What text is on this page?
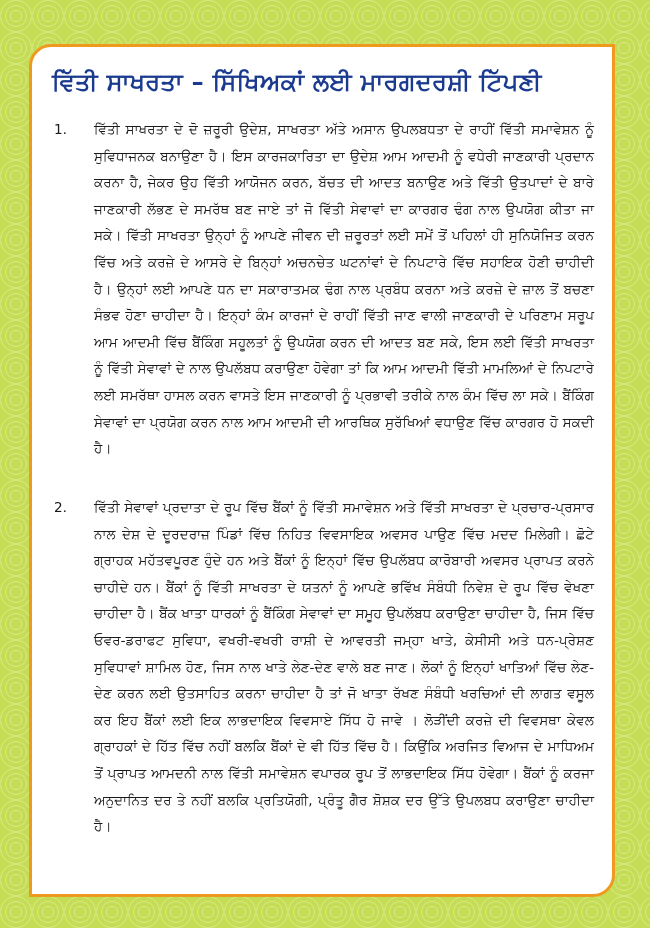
ਵਿੱਤੀ ਸਾਖਰਤਾ – ਸਿੱਖਿਅਕਾਂ ਲਈ ਮਾਰਗਦਰਸ਼ੀ ਟਿੱਪਣੀ
1.	ਵਿੱਤੀ ਸਾਖਰਤਾ ਦੇ ਦੋ ਜ਼ਰੂਰੀ ਉਦੇਸ਼, ਸਾਖਰਤਾ ਅੱਤੇ ਅਸਾਨ ਉਪਲਬਧਤਾ ਦੇ ਰਾਹੀਂ ਵਿੱਤੀ ਸਮਾਵੇਸ਼ਨ ਨੂੰ ਸੁਵਿਧਾਜਨਕ ਬਨਾਉਣਾ ਹੈ। ਇਸ ਕਾਰਜਕਾਰਿਤਾ ਦਾ ਉਦੇਸ਼ ਆਮ ਆਦਮੀ ਨੂੰ ਵਧੇਰੀ ਜਾਣਕਾਰੀ ਪ੍ਰਦਾਨ ਕਰਨਾ ਹੈ, ਜੇਕਰ ਉਹ ਵਿੱਤੀ ਆਯੋਜਨ ਕਰਨ, ਬੱਚਤ ਦੀ ਆਦਤ ਬਨਾਉਣ ਅਤੇ ਵਿੱਤੀ ਉਤਪਾਦਾਂ ਦੇ ਬਾਰੇ ਜਾਣਕਾਰੀ ਲੱਭਣ ਦੇ ਸਮਰੱਥ ਬਣ ਜਾਏ ਤਾਂ ਜੋ ਵਿੱਤੀ ਸੇਵਾਵਾਂ ਦਾ ਕਾਰਗਰ ਢੰਗ ਨਾਲ ਉਪਯੋਗ ਕੀਤਾ ਜਾ ਸਕੇ। ਵਿੱਤੀ ਸਾਖਰਤਾ ਉਨ੍ਹਾਂ ਨੂੰ ਆਪਣੇ ਜੀਵਨ ਦੀ ਜ਼ਰੂਰਤਾਂ ਲਈ ਸਮੇਂ ਤੋਂ ਪਹਿਲਾਂ ਹੀ ਸੁਨਿਯੋਜਿਤ ਕਰਨ ਵਿੱਚ ਅਤੇ ਕਰਜ਼ੇ ਦੇ ਆਸਰੇ ਦੇ ਬਿਨ੍ਹਾਂ ਅਚਨਚੇਤ ਘਟਨਾਂਵਾਂ ਦੇ ਨਿਪਟਾਰੇ ਵਿੱਚ ਸਹਾਇਕ ਹੋਣੀ ਚਾਹੀਦੀ ਹੈ। ਉਨ੍ਹਾਂ ਲਈ ਆਪਣੇ ਧਨ ਦਾ ਸਕਾਰਾਤਮਕ ਢੰਗ ਨਾਲ ਪ੍ਰਬੰਧ ਕਰਨਾ ਅਤੇ ਕਰਜ਼ੇ ਦੇ ਜ਼ਾਲ ਤੋਂ ਬਚਣਾ ਸੰਭਵ ਹੋਣਾ ਚਾਹੀਦਾ ਹੈ। ਇਨ੍ਹਾਂ ਕੰਮ ਕਾਰਜਾਂ ਦੇ ਰਾਹੀਂ ਵਿੱਤੀ ਜਾਣ ਵਾਲੀ ਜਾਣਕਾਰੀ ਦੇ ਪਰਿਣਾਮ ਸਰੂਪ ਆਮ ਆਦਮੀ ਵਿੱਚ ਬੈਂਕਿੰਗ ਸਹੂਲਤਾਂ ਨੂੰ ਉਪਯੋਗ ਕਰਨ ਦੀ ਆਦਤ ਬਣ ਸਕੇ, ਇਸ ਲਈ ਵਿੱਤੀ ਸਾਖਰਤਾ ਨੂੰ ਵਿੱਤੀ ਸੇਵਾਵਾਂ ਦੇ ਨਾਲ ਉਪਲੱਬਧ ਕਰਾਉਣਾ ਹੋਵੇਗਾ ਤਾਂ ਕਿ ਆਮ ਆਦਮੀ ਵਿੱਤੀ ਮਾਮਲਿਆਂ ਦੇ ਨਿਪਟਾਰੇ ਲਈ ਸਮਰੱਥਾ ਹਾਸਲ ਕਰਨ ਵਾਸਤੇ ਇਸ ਜਾਣਕਾਰੀ ਨੂੰ ਪ੍ਰਭਾਵੀ ਤਰੀਕੇ ਨਾਲ ਕੰਮ ਵਿੱਚ ਲਾ ਸਕੇ। ਬੈਂਕਿੰਗ ਸੇਵਾਵਾਂ ਦਾ ਪ੍ਰਯੋਗ ਕਰਨ ਨਾਲ ਆਮ ਆਦਮੀ ਦੀ ਆਰਥਿਕ ਸੁਰੱਖਿਆਂ ਵਧਾਉਣ ਵਿੱਚ ਕਾਰਗਰ ਹੋ ਸਕਦੀ ਹੈ।
2.	ਵਿੱਤੀ ਸੇਵਾਵਾਂ ਪ੍ਰਦਾਤਾ ਦੇ ਰੂਪ ਵਿੱਚ ਬੈਂਕਾਂ ਨੂੰ ਵਿੱਤੀ ਸਮਾਵੇਸ਼ਨ ਅਤੇ ਵਿੱਤੀ ਸਾਖਰਤਾ ਦੇ ਪ੍ਰਚਾਰ-ਪ੍ਰਸਾਰ ਨਾਲ ਦੇਸ਼ ਦੇ ਦੂਰਦਰਾਜ਼ ਪਿੰਡਾਂ ਵਿੱਚ ਨਿਹਿਤ ਵਿਵਸਾਇਕ ਅਵਸਰ ਪਾਉਣ ਵਿੱਚ ਮਦਦ ਮਿਲੇਗੀ। ਛੋਟੇ ਗ੍ਰਾਹਕ ਮਹੱਤਵਪੂਰਣ ਹੁੰਦੇ ਹਨ ਅਤੇ ਬੈਂਕਾਂ ਨੂੰ ਇਨ੍ਹਾਂ ਵਿੱਚ ਉਪਲੱਬਧ ਕਾਰੋਬਾਰੀ ਅਵਸਰ ਪ੍ਰਾਪਤ ਕਰਨੇ ਚਾਹੀਦੇ ਹਨ। ਬੈਂਕਾਂ ਨੂੰ ਵਿੱਤੀ ਸਾਖਰਤਾ ਦੇ ਯਤਨਾਂ ਨੂੰ ਆਪਣੇ ਭਵਿੱਖ ਸੰਬੰਧੀ ਨਿਵੇਸ਼ ਦੇ ਰੂਪ ਵਿੱਚ ਵੇਖਣਾ ਚਾਹੀਦਾ ਹੈ। ਬੈਂਕ ਖਾਤਾ ਧਾਰਕਾਂ ਨੂੰ ਬੈਂਕਿੰਗ ਸੇਵਾਵਾਂ ਦਾ ਸਮੂਹ ਉਪਲੱਬਧ ਕਰਾਉਣਾ ਚਾਹੀਦਾ ਹੈ, ਜਿਸ ਵਿੱਚ ਓਵਰ-ਡਰਾਫਟ ਸੁਵਿਧਾ, ਵਖਰੀ-ਵਖਰੀ ਰਾਸ਼ੀ ਦੇ ਆਵਰਤੀ ਜਮ੍ਹਾ ਖਾਤੇ, ਕੇਸੀਸੀ ਅਤੇ ਧਨ-ਪ੍ਰੇਸ਼ਣ ਸੁਵਿਧਾਵਾਂ ਸ਼ਾਮਿਲ ਹੋਣ, ਜਿਸ ਨਾਲ ਖਾਤੇ ਲੇਣ-ਦੇਣ ਵਾਲੇ ਬਣ ਜਾਣ। ਲੋਕਾਂ ਨੂੰ ਇਨ੍ਹਾਂ ਖਾਤਿਆਂ ਵਿੱਚ ਲੇਣ-ਦੇਣ ਕਰਨ ਲਈ ਉਤਸਾਹਿਤ ਕਰਨਾ ਚਾਹੀਦਾ ਹੈ ਤਾਂ ਜੋ ਖਾਤਾ ਰੱਖਣ ਸੰਬੰਧੀ ਖਰਚਿਆਂ ਦੀ ਲਾਗਤ ਵਸੂਲ ਕਰ ਇਹ ਬੈਂਕਾਂ ਲਈ ਇਕ ਲਾਭਦਾਇਕ ਵਿਵਸਾਏ ਸਿੱਧ ਹੋ ਜਾਵੇ । ਲੋੜੀਂਦੀ ਕਰਜ਼ੇ ਦੀ ਵਿਵਸਥਾ ਕੇਵਲ ਗ੍ਰਾਹਕਾਂ ਦੇ ਹਿੱਤ ਵਿੱਚ ਨਹੀਂ ਬਲਕਿ ਬੈਂਕਾਂ ਦੇ ਵੀ ਹਿੱਤ ਵਿੱਚ ਹੈ। ਕਿਉਂਕਿ ਅਰਜਿਤ ਵਿਆਜ ਦੇ ਮਾਧਿਅਮ ਤੋਂ ਪ੍ਰਾਪਤ ਆਮਦਨੀ ਨਾਲ ਵਿੱਤੀ ਸਮਾਵੇਸ਼ਨ ਵਪਾਰਕ ਰੂਪ ਤੋਂ ਲਾਭਦਾਇਕ ਸਿੱਧ ਹੋਵੇਗਾ। ਬੈਂਕਾਂ ਨੂੰ ਕਰਜਾ ਅਨੁਦਾਨਿਤ ਦਰ ਤੇ ਨਹੀਂ ਬਲਕਿ ਪ੍ਰਤਿਯੋਗੀ, ਪ੍ਰੰਤੂ ਗੈਰ ਸ਼ੋਸ਼ਕ ਦਰ ਉੱਤੇ ਉਪਲਬਧ ਕਰਾਉਣਾ ਚਾਹੀਦਾ ਹੈ।
